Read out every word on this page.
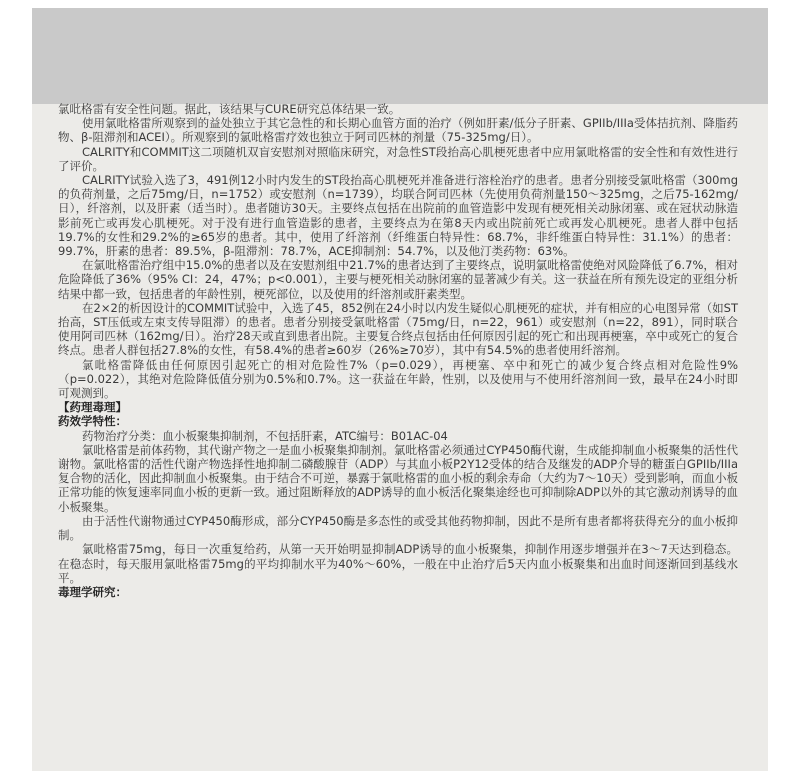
氯吡格雷有安全性问题。据此，该结果与CURE研究总体结果一致。

使用氯吡格雷所观察到的益处独立于其它急性的和长期心血管方面的治疗（例如肝素/低分子肝素、GPIIb/IIIa受体拮抗剂、降脂药物、β-阻滞剂和ACEI）。所观察到的氯吡格雷疗效也独立于阿司匹林的剂量（75-325mg/日）。

CALRITY和COMMIT这二项随机双盲安慰剂对照临床研究，对急性ST段抬高心肌梗死患者中应用氯吡格雷的安全性和有效性进行了评价。

CALRITY试验入选了3，491例12小时内发生的ST段抬高心肌梗死并准备进行溶栓治疗的患者。患者分别接受氯吡格雷（300mg的负荷剂量，之后75mg/日，n=1752）或安慰剂（n=1739），均联合阿司匹林（先使用负荷剂量150～325mg，之后75-162mg/日），纤溶剂，以及肝素（适当时）。患者随访30天。主要终点包括在出院前的血管造影中发现有梗死相关动脉闭塞、或在冠状动脉造影前死亡或再发心肌梗死。对于没有进行血管造影的患者，主要终点为在第8天内或出院前死亡或再发心肌梗死。患者人群中包括19.7%的女性和29.2%的≥65岁的患者。其中，使用了纤溶剂（纤维蛋白特异性：68.7%，非纤维蛋白特异性：31.1%）的患者：99.7%，肝素的患者：89.5%，β-阻滞剂：78.7%，ACE抑制剂：54.7%，以及他汀类药物：63%。

在氯吡格雷治疗组中15.0%的患者以及在安慰剂组中21.7%的患者达到了主要终点，说明氯吡格雷使绝对风险降低了6.7%，相对危险降低了36%（95% CI：24，47%；p<0.001），主要与梗死相关动脉闭塞的显著减少有关。这一获益在所有预先设定的亚组分析结果中都一致，包括患者的年龄性别，梗死部位，以及使用的纤溶剂或肝素类型。

在2×2的析因设计的COMMIT试验中，入选了45，852例在24小时以内发生疑似心肌梗死的症状，并有相应的心电图异常（如ST抬高，ST压低或左束支传导阻滞）的患者。患者分别接受氯吡格雷（75mg/日，n=22，961）或安慰剂（n=22，891），同时联合使用阿司匹林（162mg/日）。治疗28天或直到患者出院。主要复合终点包括由任何原因引起的死亡和出现再梗塞，卒中或死亡的复合终点。患者人群包括27.8%的女性，有58.4%的患者≥60岁（26%≥70岁），其中有54.5%的患者使用纤溶剂。

氯吡格雷降低由任何原因引起死亡的相对危险性7%（p=0.029），再梗塞、卒中和死亡的减少复合终点相对危险性9%（p=0.022），其绝对危险降低值分别为0.5%和0.7%。这一获益在年龄，性别，以及使用与不使用纤溶剂间一致，最早在24小时即可观测到。

【药理毒理】

药效学特性：

药物治疗分类：血小板聚集抑制剂，不包括肝素，ATC编号：B01AC-04

氯吡格雷是前体药物，其代谢产物之一是血小板聚集抑制剂。氯吡格雷必须通过CYP450酶代谢，生成能抑制血小板聚集的活性代谢物。氯吡格雷的活性代谢产物选择性地抑制二磷酸腺苷（ADP）与其血小板P2Y12受体的结合及继发的ADP介导的糖蛋白GPIIb/IIIa复合物的活化，因此抑制血小板聚集。由于结合不可逆，暴露于氯吡格雷的血小板的剩余寿命（大约为7～10天）受到影响，而血小板正常功能的恢复速率同血小板的更新一致。通过阻断释放的ADP诱导的血小板活化聚集途经也可抑制除ADP以外的其它激动剂诱导的血小板聚集。

由于活性代谢物通过CYP450酶形成，部分CYP450酶是多态性的或受其他药物抑制，因此不是所有患者都将获得充分的血小板抑制。

氯吡格雷75mg，每日一次重复给药，从第一天开始明显抑制ADP诱导的血小板聚集，抑制作用逐步增强并在3～7天达到稳态。在稳态时，每天服用氯吡格雷75mg的平均抑制水平为40%～60%，一般在中止治疗后5天内血小板聚集和出血时间逐渐回到基线水平。

毒理学研究：
